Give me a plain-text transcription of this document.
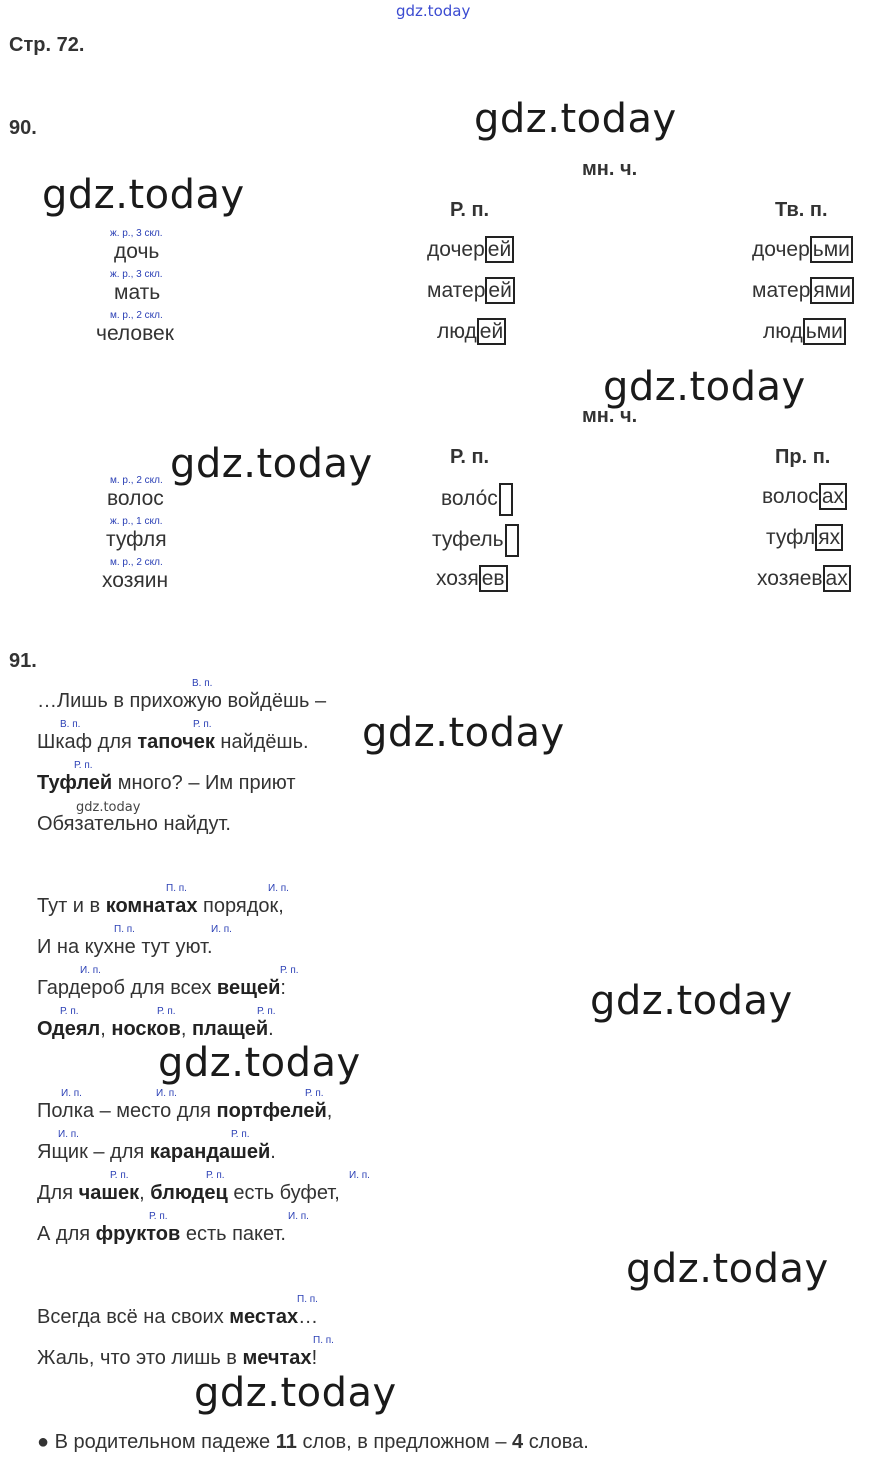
gdz.today
gdz.today
gdz.today
gdz.today
gdz.today
gdz.today
gdz.today
gdz.today
gdz.today
gdz.today
gdz.today
Стр. 72.
90.
мн. ч.
Р. п.	Тв. п.
ж. р., 3 скл.
дочь	дочер ей	дочер ьми
ж. р., 3 скл.
мать	матер ей	матер ями
м. р., 2 скл.
человек	люд ей	люд ьми
мн. ч.
Р. п.	Пр. п.
м. р., 2 скл.
волос	воло́с	волос ах
ж. р., 1 скл.
туфля	туфель	туфл ях
м. р., 2 скл.
хозяин	хозя ев	хозяев ах
91.
…Лишь в прихожую войдёшь –
Шкаф для тапочек найдёшь.
Туфлей много? – Им приют
Обязательно найдут.
Тут и в комнатах порядок,
И на кухне тут уют.
Гардероб для всех вещей:
Одеял, носков, плащей.
Полка – место для портфелей,
Ящик – для карандашей.
Для чашек, блюдец есть буфет,
А для фруктов есть пакет.
Всегда всё на своих местах…
Жаль, что это лишь в мечтах!
В. п.
В. п.	Р. п.
Р. п.
П. п.	И. п.
П. п.	И. п.
И. п.	Р. п.
Р. п.	Р. п.	Р. п.
И. п.	И. п.	Р. п.
И. п.	Р. п.
Р. п.	Р. п.	И. п.
Р. п.	И. п.
П. п.
П. п.
● В родительном падеже 11 слов, в предложном – 4 слова.
